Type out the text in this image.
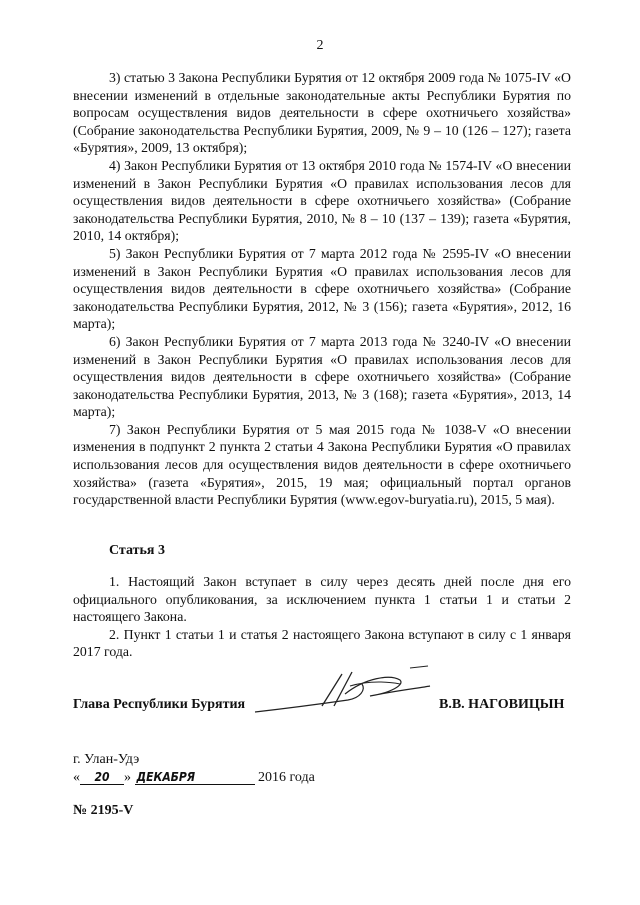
2

3) статью 3 Закона Республики Бурятия от 12 октября 2009 года № 1075-IV «О внесении изменений в отдельные законодательные акты Республики Бурятия по вопросам осуществления видов деятельности в сфере охотничьего хозяйства» (Собрание законодательства Республики Бурятия, 2009, № 9 – 10 (126 – 127); газета «Бурятия», 2009, 13 октября);

4) Закон Республики Бурятия от 13 октября 2010 года № 1574-IV «О внесении изменений в Закон Республики Бурятия «О правилах использования лесов для осуществления видов деятельности в сфере охотничьего хозяйства» (Собрание законодательства Республики Бурятия, 2010, № 8 – 10 (137 – 139); газета «Бурятия, 2010, 14 октября);

5) Закон Республики Бурятия от 7 марта 2012 года № 2595-IV «О внесении изменений в Закон Республики Бурятия «О правилах использования лесов для осуществления видов деятельности в сфере охотничьего хозяйства» (Собрание законодательства Республики Бурятия, 2012, № 3 (156); газета «Бурятия», 2012, 16 марта);

6) Закон Республики Бурятия от 7 марта 2013 года № 3240-IV «О внесении изменений в Закон Республики Бурятия «О правилах использования лесов для осуществления видов деятельности в сфере охотничьего хозяйства» (Собрание законодательства Республики Бурятия, 2013, № 3 (168); газета «Бурятия», 2013, 14 марта);

7) Закон Республики Бурятия от 5 мая 2015 года № 1038-V «О внесении изменения в подпункт 2 пункта 2 статьи 4 Закона Республики Бурятия «О правилах использования лесов для осуществления видов деятельности в сфере охотничьего хозяйства» (газета «Бурятия», 2015, 19 мая; официальный портал органов государственной власти Республики Бурятия (www.egov-buryatia.ru), 2015, 5 мая).

Статья 3

1. Настоящий Закон вступает в силу через десять дней после дня его официального опубликования, за исключением пункта 1 статьи 1 и статьи 2 настоящего Закона.

2. Пункт 1 статьи 1 и статья 2 настоящего Закона вступают в силу с 1 января 2017 года.

Глава Республики Бурятия	В.В. НАГОВИЦЫН
г. Улан-Удэ
« 20 » ДЕКАБРЯ	2016 года
№ 2195-V
